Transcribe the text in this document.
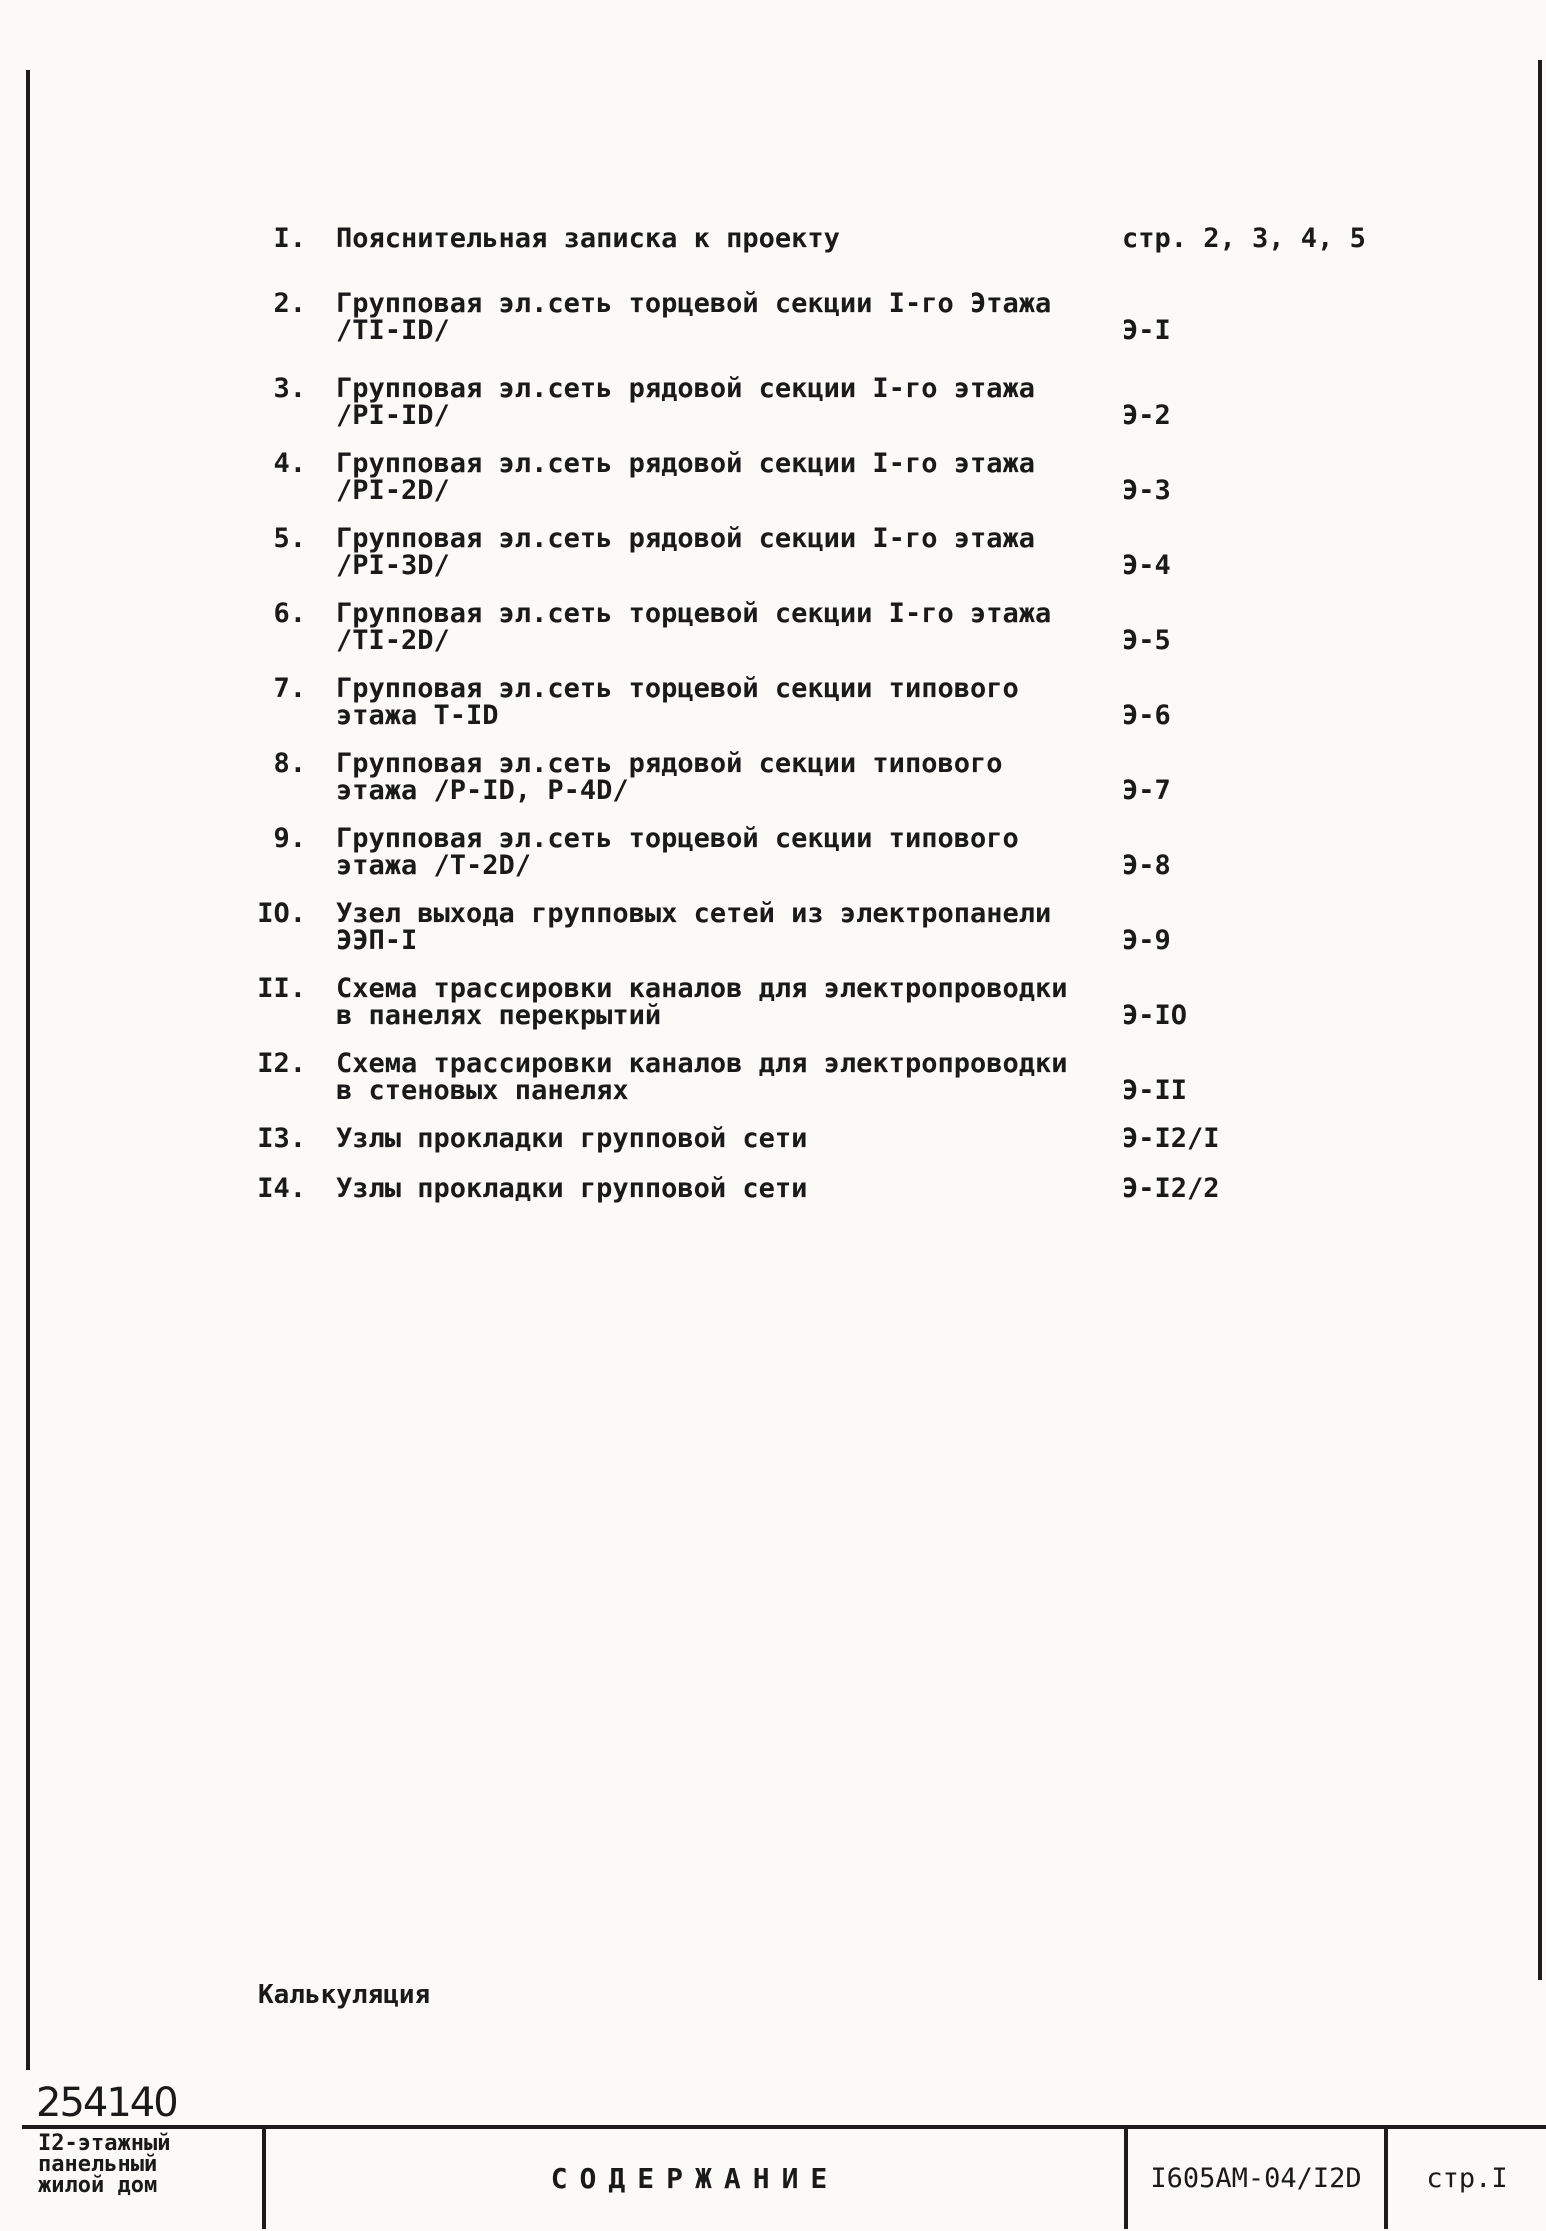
I. Пояснительная записка к проекту	стр. 2, 3, 4, 5
2. Групповая эл.сеть торцевой секции I-го Этажа
/TI-ID/	Э-I
3. Групповая эл.сеть рядовой секции I-го этажа
/PI-ID/	Э-2
4. Групповая эл.сеть рядовой секции I-го этажа
/PI-2D/	Э-3
5. Групповая эл.сеть рядовой секции I-го этажа
/PI-3D/	Э-4
6. Групповая эл.сеть торцевой секции I-го этажа
/TI-2D/	Э-5
7. Групповая эл.сеть торцевой секции типового
этажа Т-ID	Э-6
8. Групповая эл.сеть рядовой секции типового
этажа /P-ID, P-4D/	Э-7
9. Групповая эл.сеть торцевой секции типового
этажа /T-2D/	Э-8
IO. Узел выхода групповых сетей из электропанели
ЭЭП-I	Э-9
II. Схема трассировки каналов для электропроводки
в панелях перекрытий	Э-IO
I2. Схема трассировки каналов для электропроводки
в стеновых панелях	Э-II
I3. Узлы прокладки групповой сети	Э-I2/I
I4. Узлы прокладки групповой сети	Э-I2/2
Калькуляция
254140
I2-этажный
панельный
жилой дом	СОДЕРЖАНИЕ	I605АМ-04/I2D	стр.I
